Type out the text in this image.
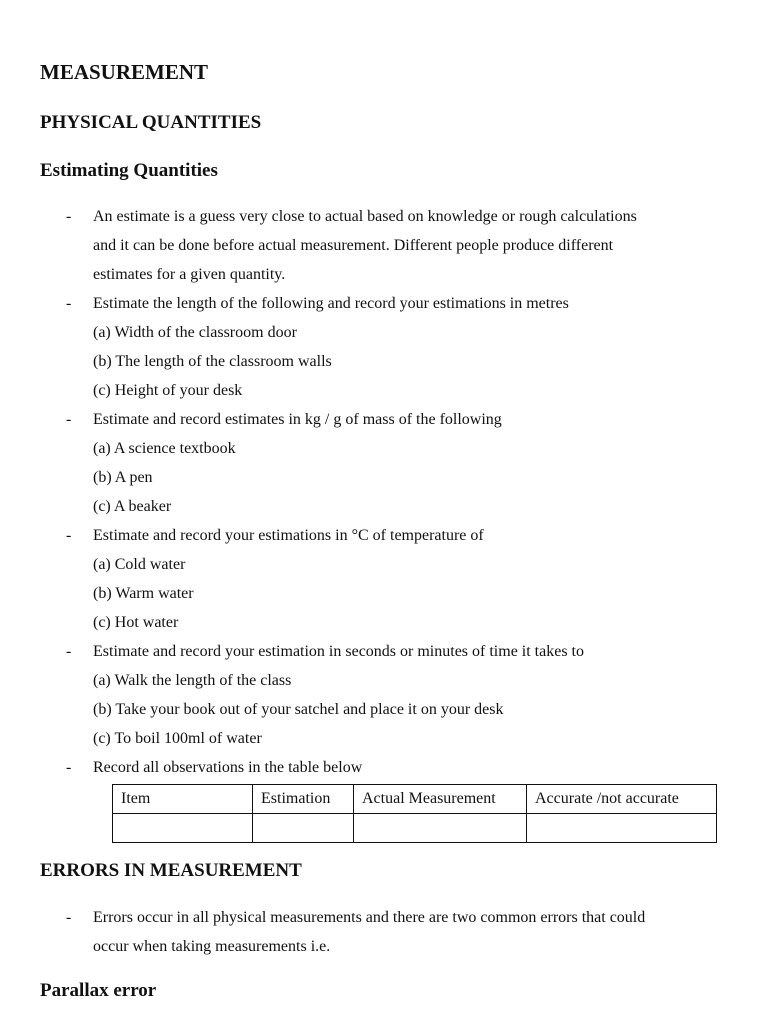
MEASUREMENT
PHYSICAL QUANTITIES
Estimating Quantities
- An estimate is a guess very close to actual based on knowledge or rough calculations
and it can be done before actual measurement. Different people produce different
estimates for a given quantity.
- Estimate the length of the following and record your estimations in metres
(a) Width of the classroom door
(b) The length of the classroom walls
(c) Height of your desk
- Estimate and record estimates in kg / g of mass of the following
(a) A science textbook
(b) A pen
(c) A beaker
- Estimate and record your estimations in °C of temperature of
(a) Cold water
(b) Warm water
(c) Hot water
- Estimate and record your estimation in seconds or minutes of time it takes to
(a) Walk the length of the class
(b) Take your book out of your satchel and place it on your desk
(c) To boil 100ml of water
- Record all observations in the table below
Item	Estimation	Actual Measurement	Accurate /not accurate

ERRORS IN MEASUREMENT
- Errors occur in all physical measurements and there are two common errors that could
occur when taking measurements i.e.
Parallax error
